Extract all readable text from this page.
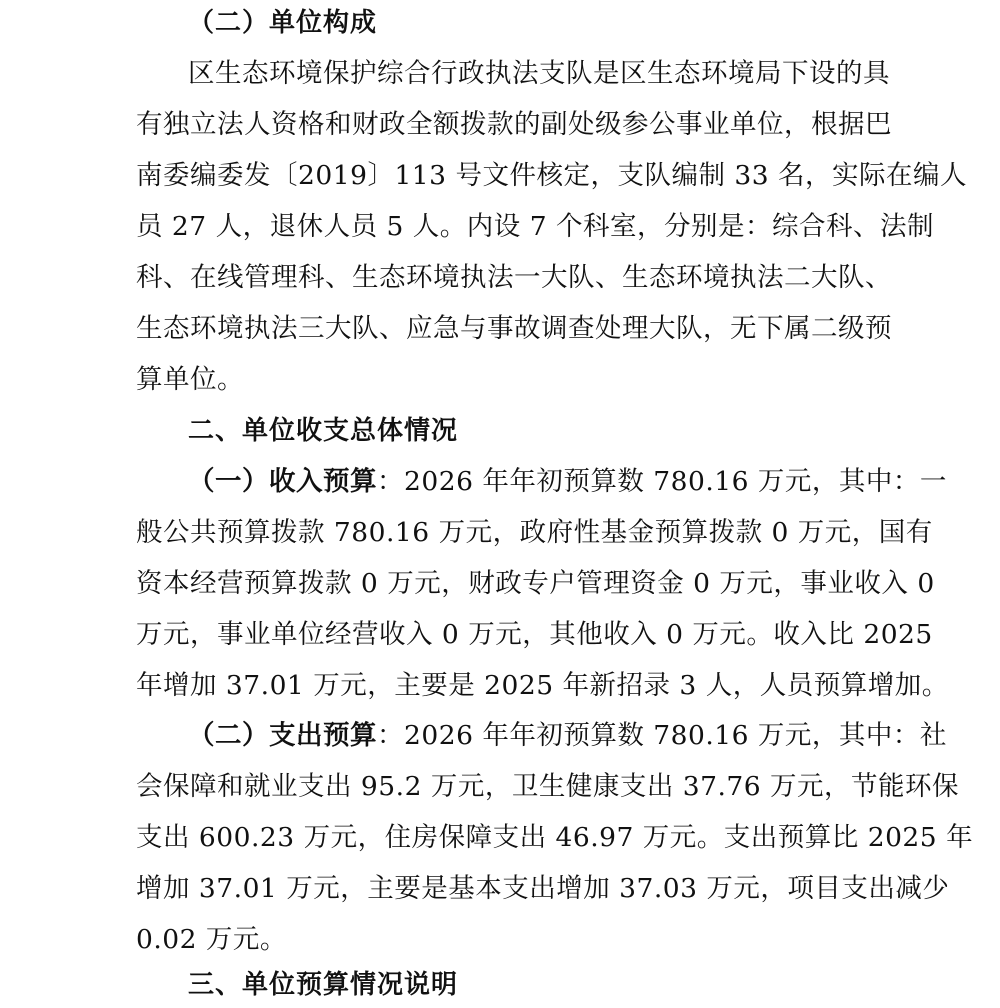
（二）单位构成
区生态环境保护综合行政执法支队是区生态环境局下设的具
有独立法人资格和财政全额拨款的副处级参公事业单位，根据巴
南委编委发〔2019〕113 号文件核定，支队编制 33 名，实际在编人
员 27 人，退休人员 5 人。内设 7 个科室，分别是：综合科、法制
科、在线管理科、生态环境执法一大队、生态环境执法二大队、
生态环境执法三大队、应急与事故调查处理大队，无下属二级预
算单位。
二、单位收支总体情况
（一）收入预算：2026 年年初预算数 780.16 万元，其中：一
般公共预算拨款 780.16 万元，政府性基金预算拨款 0 万元，国有
资本经营预算拨款 0 万元，财政专户管理资金 0 万元，事业收入 0
万元，事业单位经营收入 0 万元，其他收入 0 万元。收入比 2025
年增加 37.01 万元，主要是 2025 年新招录 3 人，人员预算增加。
（二）支出预算：2026 年年初预算数 780.16 万元，其中：社
会保障和就业支出 95.2 万元，卫生健康支出 37.76 万元，节能环保
支出 600.23 万元，住房保障支出 46.97 万元。支出预算比 2025 年
增加 37.01 万元，主要是基本支出增加 37.03 万元，项目支出减少
0.02 万元。
三、单位预算情况说明
